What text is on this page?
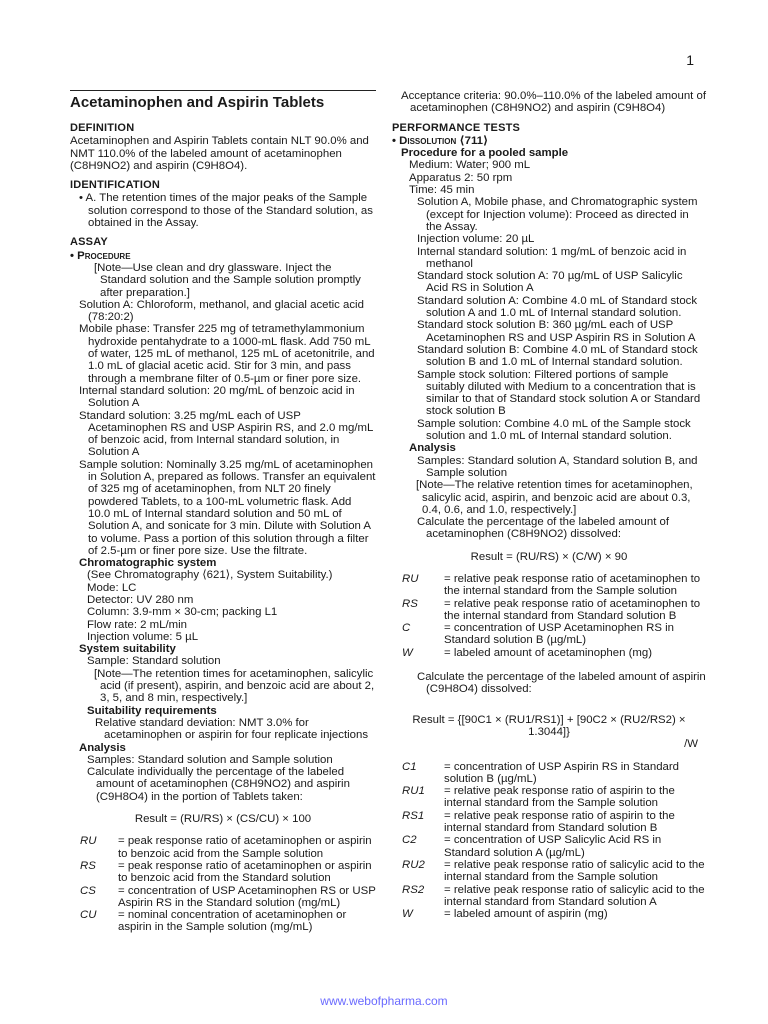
1
Acetaminophen and Aspirin Tablets
DEFINITION

Acetaminophen and Aspirin Tablets contain NLT 90.0% and NMT 110.0% of the labeled amount of acetaminophen (C8H9NO2) and aspirin (C9H8O4).

IDENTIFICATION

• A. The retention times of the major peaks of the Sample solution correspond to those of the Standard solution, as obtained in the Assay.

ASSAY

• Procedure

[Note—Use clean and dry glassware. Inject the Standard solution and the Sample solution promptly after preparation.]

Solution A: Chloroform, methanol, and glacial acetic acid (78:20:2)

Mobile phase: Transfer 225 mg of tetramethylammonium hydroxide pentahydrate to a 1000-mL flask. Add 750 mL of water, 125 mL of methanol, 125 mL of acetonitrile, and 1.0 mL of glacial acetic acid. Stir for 3 min, and pass through a membrane filter of 0.5-µm or finer pore size.

Internal standard solution: 20 mg/mL of benzoic acid in Solution A

Standard solution: 3.25 mg/mL each of USP Acetaminophen RS and USP Aspirin RS, and 2.0 mg/mL of benzoic acid, from Internal standard solution, in Solution A

Sample solution: Nominally 3.25 mg/mL of acetaminophen in Solution A, prepared as follows. Transfer an equivalent of 325 mg of acetaminophen, from NLT 20 finely powdered Tablets, to a 100-mL volumetric flask. Add 10.0 mL of Internal standard solution and 50 mL of Solution A, and sonicate for 3 min. Dilute with Solution A to volume. Pass a portion of this solution through a filter of 2.5-µm or finer pore size. Use the filtrate.

Chromatographic system

(See Chromatography ⟨621⟩, System Suitability.)

Mode: LC

Detector: UV 280 nm

Column: 3.9-mm × 30-cm; packing L1

Flow rate: 2 mL/min

Injection volume: 5 µL

System suitability

Sample: Standard solution

[Note—The retention times for acetaminophen, salicylic acid (if present), aspirin, and benzoic acid are about 2, 3, 5, and 8 min, respectively.]

Suitability requirements

Relative standard deviation: NMT 3.0% for acetaminophen or aspirin for four replicate injections

Analysis

Samples: Standard solution and Sample solution

Calculate individually the percentage of the labeled amount of acetaminophen (C8H9NO2) and aspirin (C9H8O4) in the portion of Tablets taken:

Result = (RU/RS) × (CS/CU) × 100

RU	= peak response ratio of acetaminophen or aspirin to benzoic acid from the Sample solution
RS	= peak response ratio of acetaminophen or aspirin to benzoic acid from the Standard solution
CS	= concentration of USP Acetaminophen RS or USP Aspirin RS in the Standard solution (mg/mL)
CU	= nominal concentration of acetaminophen or aspirin in the Sample solution (mg/mL)

Acceptance criteria: 90.0%–110.0% of the labeled amount of acetaminophen (C8H9NO2) and aspirin (C9H8O4)

PERFORMANCE TESTS

• Dissolution ⟨711⟩

Procedure for a pooled sample

Medium: Water; 900 mL

Apparatus 2: 50 rpm

Time: 45 min

Solution A, Mobile phase, and Chromatographic system (except for Injection volume): Proceed as directed in the Assay.

Injection volume: 20 µL

Internal standard solution: 1 mg/mL of benzoic acid in methanol

Standard stock solution A: 70 µg/mL of USP Salicylic Acid RS in Solution A

Standard solution A: Combine 4.0 mL of Standard stock solution A and 1.0 mL of Internal standard solution.

Standard stock solution B: 360 µg/mL each of USP Acetaminophen RS and USP Aspirin RS in Solution A

Standard solution B: Combine 4.0 mL of Standard stock solution B and 1.0 mL of Internal standard solution.

Sample stock solution: Filtered portions of sample suitably diluted with Medium to a concentration that is similar to that of Standard stock solution A or Standard stock solution B

Sample solution: Combine 4.0 mL of the Sample stock solution and 1.0 mL of Internal standard solution.

Analysis

Samples: Standard solution A, Standard solution B, and Sample solution

[Note—The relative retention times for acetaminophen, salicylic acid, aspirin, and benzoic acid are about 0.3, 0.4, 0.6, and 1.0, respectively.]

Calculate the percentage of the labeled amount of acetaminophen (C8H9NO2) dissolved:

Result = (RU/RS) × (C/W) × 90

RU	= relative peak response ratio of acetaminophen to the internal standard from the Sample solution
RS	= relative peak response ratio of acetaminophen to the internal standard from Standard solution B
C	= concentration of USP Acetaminophen RS in Standard solution B (µg/mL)
W	= labeled amount of acetaminophen (mg)

Calculate the percentage of the labeled amount of aspirin (C9H8O4) dissolved:

Result = {[90C1 × (RU1/RS1)] + [90C2 × (RU2/RS2) × 1.3044]}

/W

C1	= concentration of USP Aspirin RS in Standard solution B (µg/mL)
RU1	= relative peak response ratio of aspirin to the internal standard from the Sample solution
RS1	= relative peak response ratio of aspirin to the internal standard from Standard solution B
C2	= concentration of USP Salicylic Acid RS in Standard solution A (µg/mL)
RU2	= relative peak response ratio of salicylic acid to the internal standard from the Sample solution
RS2	= relative peak response ratio of salicylic acid to the internal standard from Standard solution A
W	= labeled amount of aspirin (mg)
www.webofpharma.com
